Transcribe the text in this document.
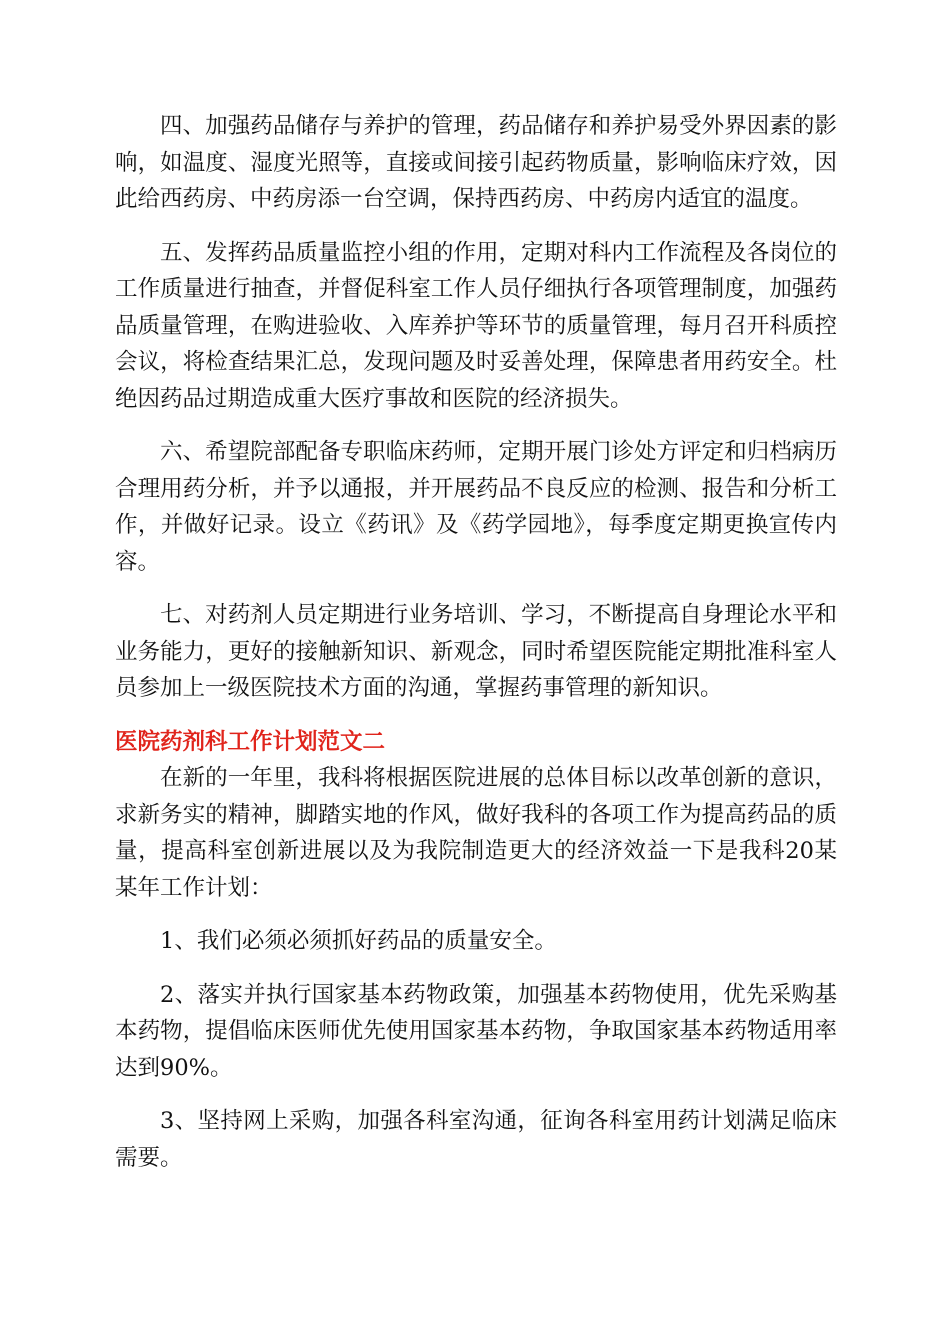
四、加强药品储存与养护的管理，药品储存和养护易受外界因素的影响，如温度、湿度光照等，直接或间接引起药物质量，影响临床疗效，因此给西药房、中药房添一台空调，保持西药房、中药房内适宜的温度。

五、发挥药品质量监控小组的作用，定期对科内工作流程及各岗位的工作质量进行抽查，并督促科室工作人员仔细执行各项管理制度，加强药品质量管理，在购进验收、入库养护等环节的质量管理，每月召开科质控会议，将检查结果汇总，发现问题及时妥善处理，保障患者用药安全。杜绝因药品过期造成重大医疗事故和医院的经济损失。

六、希望院部配备专职临床药师，定期开展门诊处方评定和归档病历合理用药分析，并予以通报，并开展药品不良反应的检测、报告和分析工作，并做好记录。设立《药讯》及《药学园地》，每季度定期更换宣传内容。

七、对药剂人员定期进行业务培训、学习，不断提高自身理论水平和业务能力，更好的接触新知识、新观念，同时希望医院能定期批准科室人员参加上一级医院技术方面的沟通，掌握药事管理的新知识。

医院药剂科工作计划范文二

在新的一年里，我科将根据医院进展的总体目标以改革创新的意识，求新务实的精神，脚踏实地的作风，做好我科的各项工作为提高药品的质量，提高科室创新进展以及为我院制造更大的经济效益一下是我科20某某年工作计划：

1、我们必须必须抓好药品的质量安全。

2、落实并执行国家基本药物政策，加强基本药物使用，优先采购基本药物，提倡临床医师优先使用国家基本药物，争取国家基本药物适用率达到90%。

3、坚持网上采购，加强各科室沟通，征询各科室用药计划满足临床需要。
